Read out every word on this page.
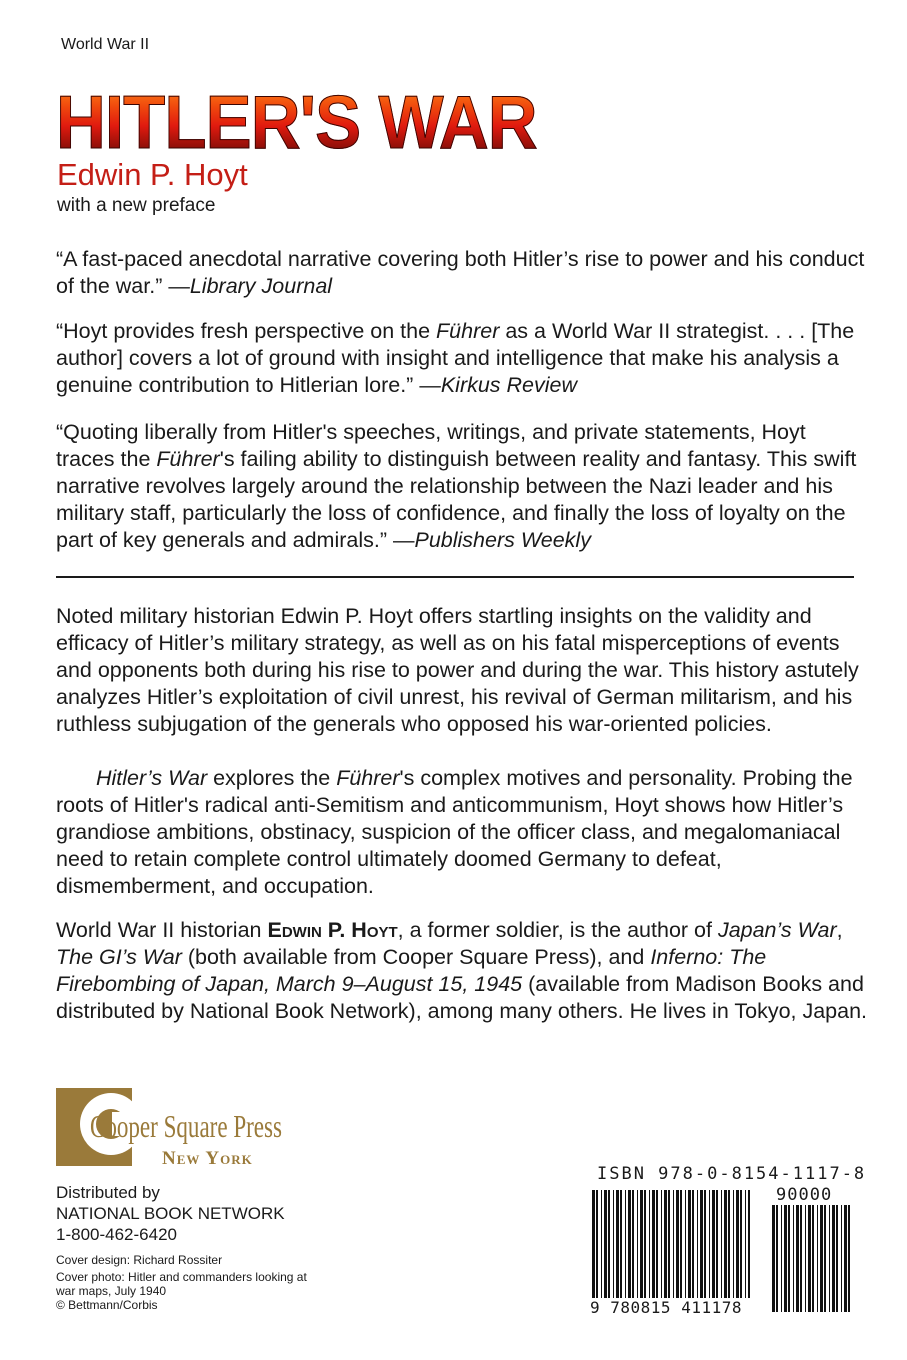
World War II
HITLER'S WAR
Edwin P. Hoyt
with a new preface
“A fast-paced anecdotal narrative covering both Hitler’s rise to power and his conduct of the war.” —Library Journal
“Hoyt provides fresh perspective on the Führer as a World War II strategist. . . . [The author] covers a lot of ground with insight and intelligence that make his analysis a genuine contribution to Hitlerian lore.” —Kirkus Review
“Quoting liberally from Hitler's speeches, writings, and private statements, Hoyt traces the Führer's failing ability to distinguish between reality and fantasy. This swift narrative revolves largely around the relationship between the Nazi leader and his military staff, particularly the loss of confidence, and finally the loss of loyalty on the part of key generals and admirals.” —Publishers Weekly
Noted military historian Edwin P. Hoyt offers startling insights on the validity and efficacy of Hitler’s military strategy, as well as on his fatal misperceptions of events and opponents both during his rise to power and during the war. This history astutely analyzes Hitler’s exploitation of civil unrest, his revival of German militarism, and his ruthless subjugation of the generals who opposed his war-oriented policies.
Hitler’s War explores the Führer's complex motives and personality. Probing the roots of Hitler's radical anti-Semitism and anticommunism, Hoyt shows how Hitler’s grandiose ambitions, obstinacy, suspicion of the officer class, and megalomaniacal need to retain complete control ultimately doomed Germany to defeat, dismemberment, and occupation.
World War II historian Edwin P. Hoyt, a former soldier, is the author of Japan’s War, The GI’s War (both available from Cooper Square Press), and Inferno: The Firebombing of Japan, March 9–August 15, 1945 (available from Madison Books and distributed by National Book Network), among many others. He lives in Tokyo, Japan.
Cooper Square Press
New York
Distributed by
NATIONAL BOOK NETWORK
1-800-462-6420
Cover design: Richard Rossiter
Cover photo: Hitler and commanders looking at war maps, July 1940
© Bettmann/Corbis
ISBN 978-0-8154-1117-8
90000
9 780815 411178
